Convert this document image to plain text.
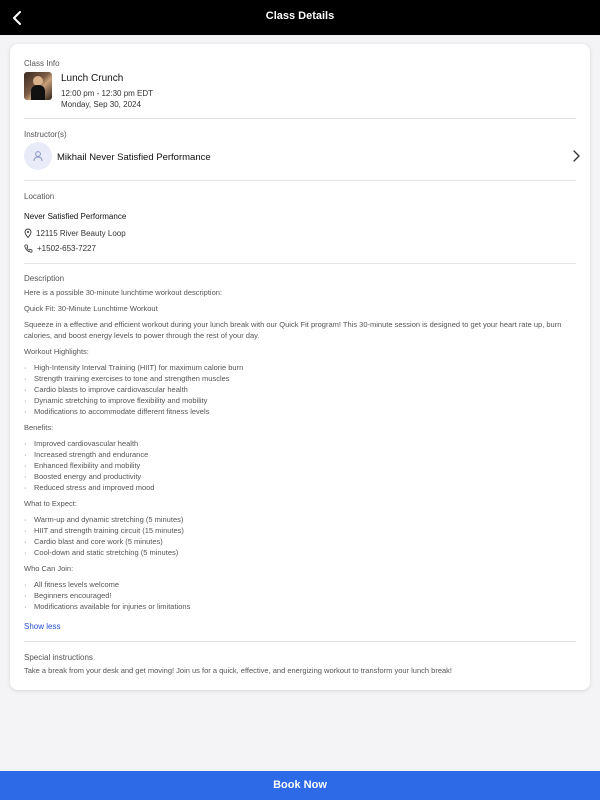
Class Details
Class Info
Lunch Crunch
12:00 pm - 12:30 pm EDT
Monday, Sep 30, 2024
Instructor(s)
Mikhail Never Satisfied Performance
Location
Never Satisfied Performance
12115 River Beauty Loop
+1502-653-7227
Description
Here is a possible 30-minute lunchtime workout description:
Quick Fit: 30-Minute Lunchtime Workout
Squeeze in a effective and efficient workout during your lunch break with our Quick Fit program! This 30-minute session is designed to get your heart rate up, burn calories, and boost energy levels to power through the rest of your day.
Workout Highlights:
· High-Intensity Interval Training (HIIT) for maximum calorie burn
· Strength training exercises to tone and strengthen muscles
· Cardio blasts to improve cardiovascular health
· Dynamic stretching to improve flexibility and mobility
· Modifications to accommodate different fitness levels
Benefits:
· Improved cardiovascular health
· Increased strength and endurance
· Enhanced flexibility and mobility
· Boosted energy and productivity
· Reduced stress and improved mood
What to Expect:
· Warm-up and dynamic stretching (5 minutes)
· HIIT and strength training circuit (15 minutes)
· Cardio blast and core work (5 minutes)
· Cool-down and static stretching (5 minutes)
Who Can Join:
· All fitness levels welcome
· Beginners encouraged!
· Modifications available for injuries or limitations
Show less
Special instructions
Take a break from your desk and get moving! Join us for a quick, effective, and energizing workout to transform your lunch break!
Book Now
